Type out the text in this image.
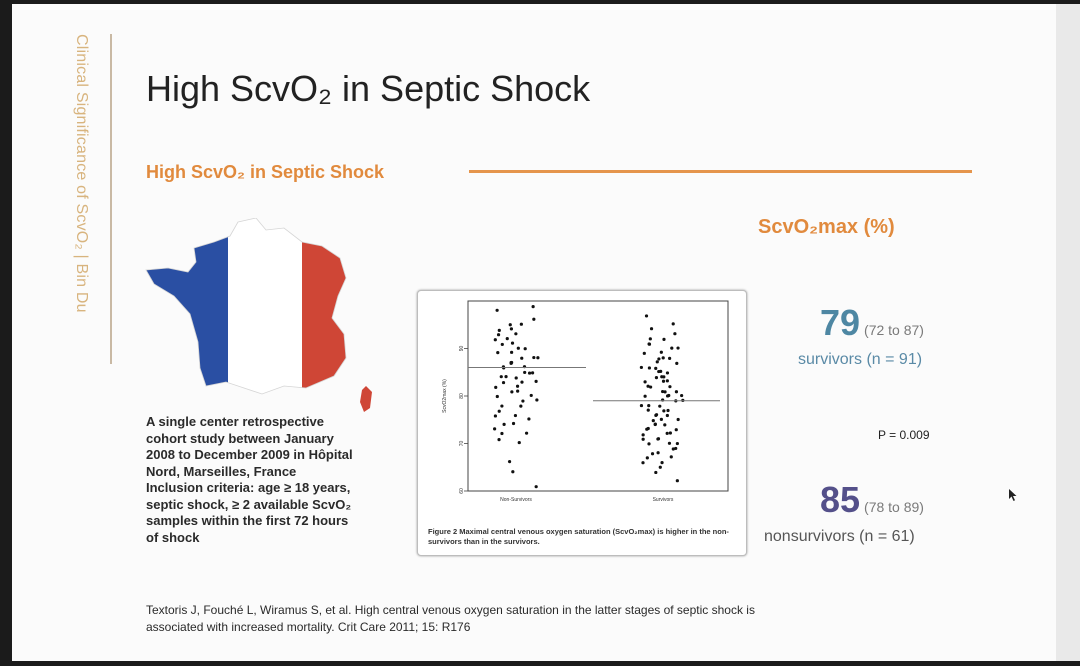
Clinical Significance of ScvO₂ | Bin Du High ScvO₂ in Septic Shock
High ScvO₂ in Septic Shock
ScvO₂max (%)
A single center retrospective
cohort study between January
2008 to December 2009 in Hôpital
Nord, Marseilles, France
Inclusion criteria: age ≥ 18 years,
septic shock, ≥ 2 available ScvO₂
samples within the first 72 hours
of shock
60
70
80
90
ScvO2max (%)
Non-Survivors	Survivors
Figure 2 Maximal central venous oxygen saturation (ScvO₂max) is higher in the non-survivors than in the survivors.
79 (72 to 87)
survivors (n = 91)
P = 0.009
85 (78 to 89)
nonsurvivors (n = 61)
Textoris J, Fouché L, Wiramus S, et al. High central venous oxygen saturation in the latter stages of septic shock is
associated with increased mortality. Crit Care 2011; 15: R176
